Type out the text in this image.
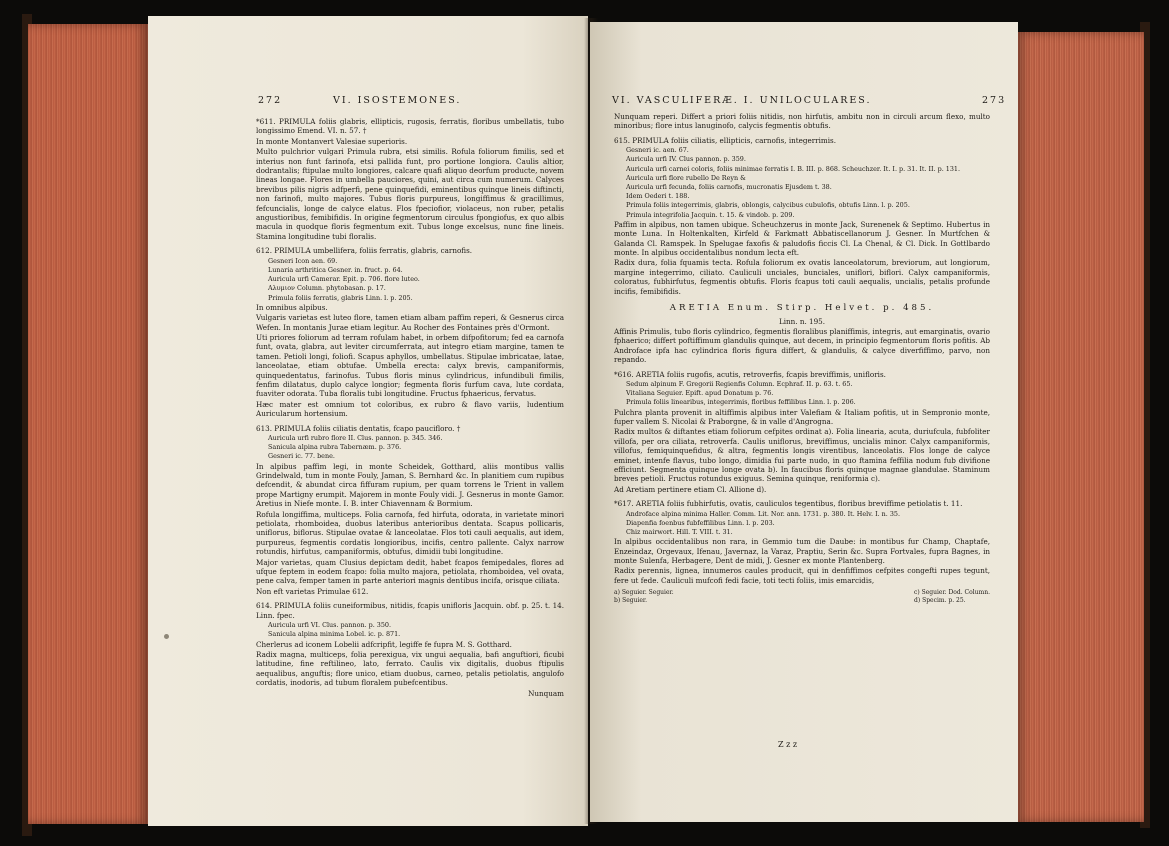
272	VI. ISOSTEMONES.

*611. PRIMULA foliis glabris, ellipticis, rugosis, ferratis, floribus umbellatis, tubo longissimo Emend. VI. n. 57. †

In monte Montanvert Valesiae superioris.

Multo pulchrior vulgari Primula rubra, etsi similis. Rofula foliorum fimilis, sed et interius non funt farinofa, etsi pallida funt, pro portione longiora. Caulis altior, dodrantalis; ftipulae multo longiores, calcare quafi aliquo deorfum producte, novem lineas longae. Flores in umbella pauciores, quini, aut circa cum numerum. Calyces brevibus pilis nigris adfperfi, pene quinquefidi, eminentibus quinque lineis diftincti, non farinofi, multo majores. Tubus floris purpureus, longiffimus & gracillimus, fefcuncialis, longe de calyce elatus. Flos fpeciofior, violaceus, non ruber, petalis angustioribus, femibifidis. In origine fegmentorum circulus fpongiofus, ex quo albis macula in quodque floris fegmentum exit. Tubus longe excelsus, nunc fine lineis. Stamina longitudine tubi floralis.

612. PRIMULA umbellifera, foliis ferratis, glabris, carnofis.

Gesneri Icon aen. 69.

Lunaria arthritica Gesner. in. fruct. p. 64.

Auricula urfi Camerar. Epit. p. 706. flore luteo.

Αλυμιον Column. phytobasan. p. 17.

Primula foliis ferratis, glabris Linn. l. p. 205.

In omnibus alpibus.

Vulgaris varietas est luteo flore, tamen etiam albam paffim reperi, & Gesnerus circa Wefen. In montanis Jurae etiam legitur. Au Rocher des Fontaines près d'Ormont.

Uti priores foliorum ad terram rofulam habet, in orbem difpofitorum; fed ea carnofa funt, ovata, glabra, aut leviter circumferrata, aut integro etiam margine, tamen te tamen. Petioli longi, foliofi. Scapus aphyllos, umbellatus. Stipulae imbricatae, latae, lanceolatae, etiam obtufae. Umbella erecta: calyx brevis, campaniformis, quinquedentatus, farinofus. Tubus floris minus cylindricus, infundibuli fimilis, fenfim dilatatus, duplo calyce longior; fegmenta floris furfum cava, lute cordata, fuaviter odorata. Tuba floralis tubi longitudine. Fructus fphaericus, fervatus.

Hæc mater est omnium tot coloribus, ex rubro & flavo variis, ludentium Auricularum hortensium.

613. PRIMULA foliis ciliatis dentatis, fcapo paucifloro. †

Auricula urfi rubro flore II. Clus. pannon. p. 345. 346.

Sanicula alpina rubra Tabernæm. p. 376.

Gesneri ic. 77. bene.

In alpibus paffim legi, in monte Scheidek, Gotthard, aliis montibus vallis Grindelwald, tum in monte Fouly, Jaman, S. Bernhard &c. In planitiem cum rupibus defcendit, & abundat circa fiffuram rupium, per quam torrens le Trient in vallem prope Martigny erumpit. Majorem in monte Fouly vidi. J. Gesnerus in monte Gamor. Aretius in Niefe monte. I. B. inter Chiavennam & Bormium.

Rofula longiffima, multiceps. Folia carnofa, fed hirfuta, odorata, in varietate minori petiolata, rhomboidea, duobus lateribus anterioribus dentata. Scapus pollicaris, uniflorus, biflorus. Stipulae ovatae & lanceolatae. Flos toti cauli aequalis, aut idem, purpureus, fegmentis cordatis longioribus, incifis, centro pallente. Calyx narrow rotundis, hirfutus, campaniformis, obtufus, dimidii tubi longitudine.

Major varietas, quam Clusius depictam dedit, habet fcapos femipedales, flores ad ufque feptem in eodem fcapo: folia multo majora, petiolata, rhomboidea, vel ovata, pene calva, femper tamen in parte anteriori magnis dentibus incifa, orisque ciliata.

Non eft varietas Primulae 612.

614. PRIMULA foliis cuneiformibus, nitidis, fcapis unifloris Jacquin. obf. p. 25. t. 14. Linn. fpec.

Auricula urfi VI. Clus. pannon. p. 350.

Sanicula alpina minima Lobel. ic. p. 871.

Cherlerus ad iconem Lobelii adfcripfit, legiffe fe fupra M. S. Gotthard.

Radix magna, multiceps, folia perexigua, vix ungui aequalia, bafi anguftiori, ficubi latitudine, fine reftilineo, lato, ferrato. Caulis vix digitalis, duobus ftipulis aequalibus, anguftis; flore unico, etiam duobus, carneo, petalis petiolatis, angulofo cordatis, inodoris, ad tubum floralem pubefcentibus.

Nunquam

VI. VASCULIFERÆ. I. UNILOCULARES.	273

Nunquam reperi. Differt a priori foliis nitidis, non hirfutis, ambitu non in circuli arcum flexo, multo minoribus; flore intus lanuginofo, calycis fegmentis obtufis.

615. PRIMULA foliis ciliatis, ellipticis, carnofis, integerrimis.

Gesneri ic. aen. 67.

Auricula urfi IV. Clus pannon. p. 359.

Auricula urfi carnei coloris, foliis minimae ferratis I. B. III. p. 868. Scheuchzer. It. I. p. 31. It. II. p. 131.

Auricula urfi flore rubello De Reyn &

Auricula urfi fecunda, foliis carnofis, mucronatis Ejusdem t. 38.

Idem Oederi t. 188.

Primula foliis integerrimis, glabris, oblongis, calycibus cubulofis, obtufis Linn. l. p. 205.

Primula integrifolia Jacquin. t. 15. & vindob. p. 209.

Paffim in alpibus, non tamen ubique. Scheuchzerus in monte Jack, Surenenek & Septimo. Hubertus in monte Luna. In Holtenkalten, Kirfeld & Farkmatt Abbatiscellanorum J. Gesner. In Murtfchen & Galanda Cl. Ramspek. In Spelugae faxofis & paludofis ficcis Cl. La Chenal, & Cl. Dick. In Gottlbardo monte. In alpibus occidentalibus nondum lecta eft.

Radix dura, folia fquamis tecta. Rofula foliorum ex ovatis lanceolatorum, breviorum, aut longiorum, margine integerrimo, ciliato. Cauliculi unciales, bunciales, uniflori, biflori. Calyx campaniformis, coloratus, fubhirfutus, fegmentis obtufis. Floris fcapus toti cauli aequalis, uncialis, petalis profunde incifis, femibifidis.

ARETIA Enum. Stirp. Helvet. p. 485.

Linn. n. 195.

Affinis Primulis, tubo floris cylindrico, fegmentis floralibus planiffimis, integris, aut emarginatis, ovario fphaerico; differt poftiffimum glandulis quinque, aut decem, in principio fegmentorum floris pofitis. Ab Androface ipfa hac cylindrica floris figura differt, & glandulis, & calyce diverfiffimo, parvo, non repando.

*616. ARETIA foliis rugofis, acutis, retroverfis, fcapis breviffimis, unifloris.

Sedum alpinum F. Gregorii Regienfis Column. Ecphraf. II. p. 63. t. 65.

Vitaliana Seguier. Epift. apud Donatum p. 76.

Primula foliis linearibus, integerrimis, floribus feffilibus Linn. l. p. 206.

Pulchra planta provenit in altiffimis alpibus inter Valefiam & Italiam pofitis, ut in Sempronio monte, fuper vallem S. Nicolai & Praborgne, & in valle d'Angrogna.

Radix multos & diftantes etiam foliorum cefpites ordinat a). Folia linearia, acuta, duriufcula, fubfoliter villofa, per ora ciliata, retroverfa. Caulis uniflorus, breviffimus, uncialis minor. Calyx campaniformis, villofus, femiquinquefidus, & altra, fegmentis longis virentibus, lanceolatis. Flos longe de calyce eminet, intenfe flavus, tubo longo, dimidia fui parte nudo, in quo ftamina feffilia nodum fub divifione efficiunt. Segmenta quinque longe ovata b). In faucibus floris quinque magnae glandulae. Staminum breves petioli. Fructus rotundus exiguus. Semina quinque, reniformia c).

Ad Aretiam pertinere etiam Cl. Allione d).

*617. ARETIA foliis fubhirfutis, ovatis, cauliculos tegentibus, floribus breviffime petiolatis t. 11.

Androface alpina minima Haller. Comm. Lit. Nor. ann. 1731. p. 380. It. Helv. I. n. 35.

Diapenfia foenbus fubfeffilibus Linn. l. p. 203.

Chiz mairwort. Hill. T. VIII. t. 31.

In alpibus occidentalibus non rara, in Gemmio tum die Daube: in montibus fur Champ, Chaptafe, Enzeindaz, Orgevaux, Ifenau, Javernaz, la Varaz, Praptiu, Serin &c. Supra Fortvales, fupra Bagnes, in monte Sulenfa, Herbagere, Dent de midi, J. Gesner ex monte Plantenberg.

Radix perennis, lignea, innumeros caules producit, qui in denfiffimos cefpites congefti rupes tegunt, fere ut fede. Cauliculi mufcofi fedi facie, toti tecti foliis, imis emarcidis,

a) Seguier. Seguier.
b) Seguier.
c) Seguier. Dod. Column.
d) Specim. p. 25.
Z z z
